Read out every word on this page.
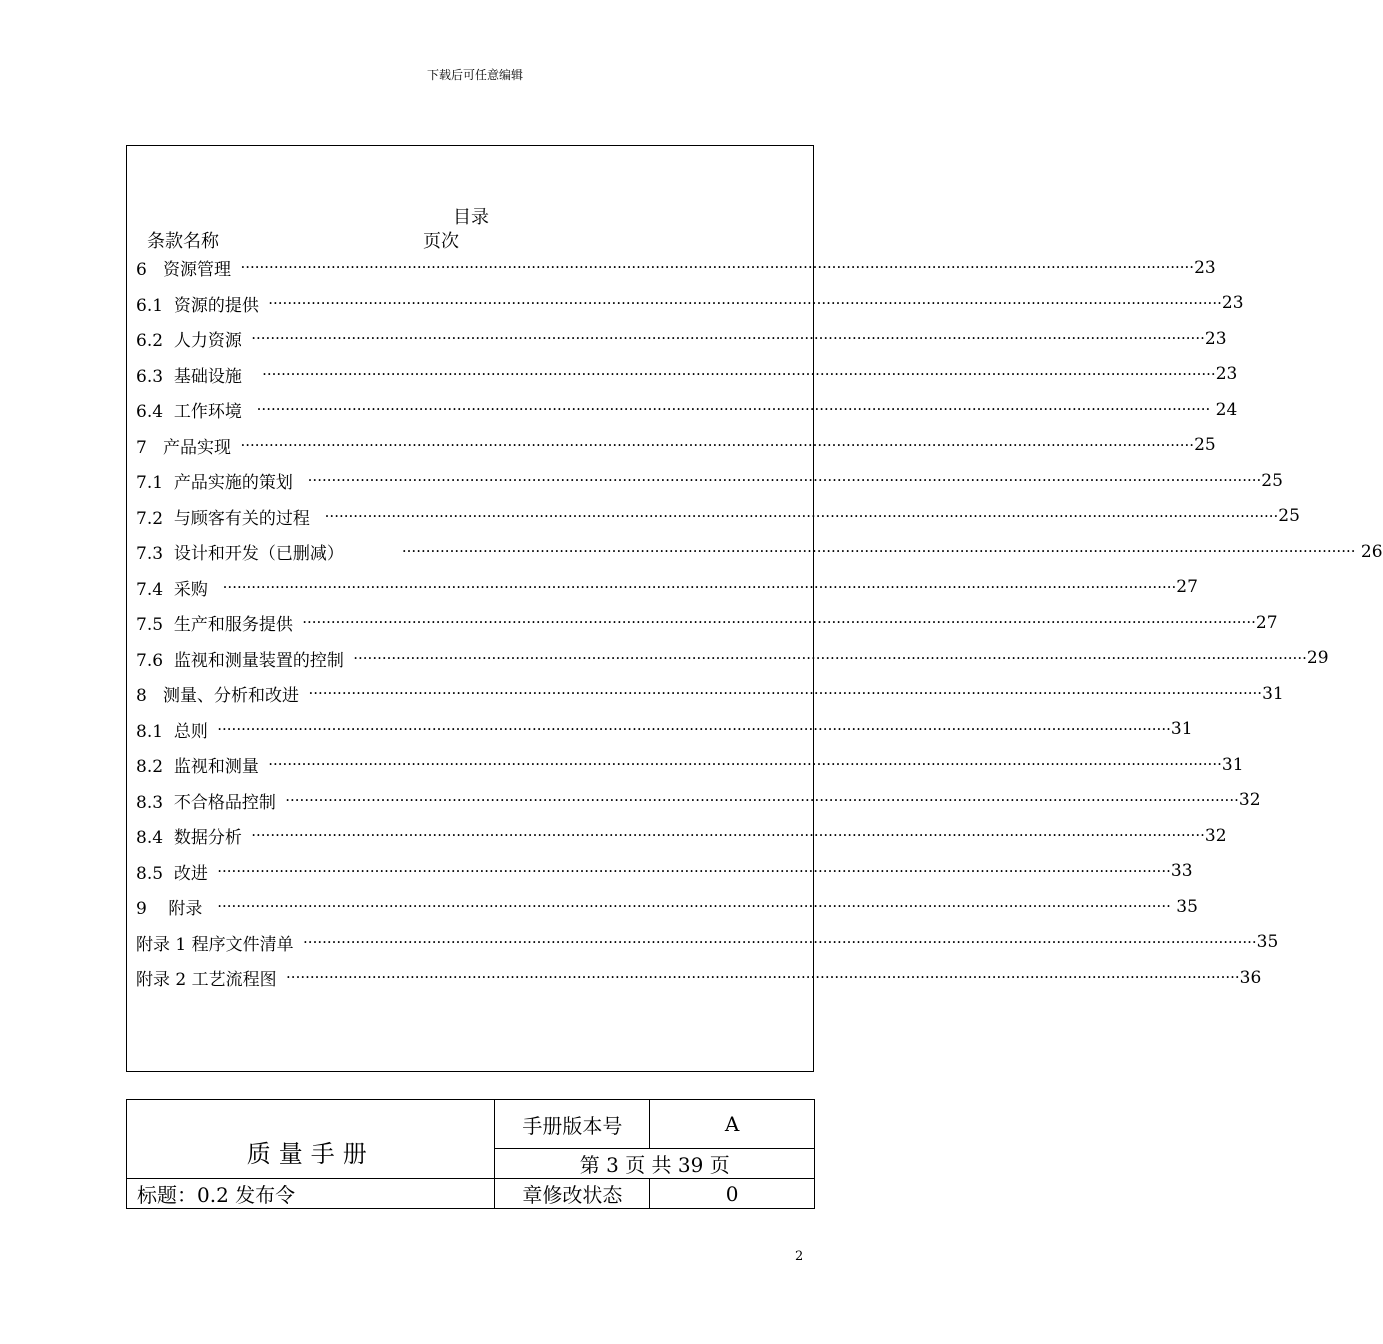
下载后可任意编辑
目录
条款名称	页次
6   资源管理 ········································································································································································································ 23
6.1  资源的提供 ········································································································································································································ 23
6.2  人力资源 ········································································································································································································ 23
6.3  基础设施 ········································································································································································································ 23
6.4  工作环境 ········································································································································································································ 24
7   产品实现 ········································································································································································································ 25
7.1  产品实施的策划 ········································································································································································································ 25
7.2  与顾客有关的过程 ········································································································································································································ 25
7.3  设计和开发（已删减） ········································································································································································································ 26
7.4  采购 ········································································································································································································ 27
7.5  生产和服务提供 ········································································································································································································ 27
7.6  监视和测量装置的控制 ········································································································································································································ 29
8   测量、分析和改进 ········································································································································································································ 31
8.1  总则 ········································································································································································································ 31
8.2  监视和测量 ········································································································································································································ 31
8.3  不合格品控制 ········································································································································································································ 32
8.4  数据分析 ········································································································································································································ 32
8.5  改进 ········································································································································································································ 33
9    附录 ········································································································································································································ 35
附录 1 程序文件清单 ········································································································································································································ 35
附录 2 工艺流程图 ········································································································································································································ 36
质量手册	手册版本号	A
	第 3 页 共 39 页	
标题：0.2 发布令	章修改状态	0
2
